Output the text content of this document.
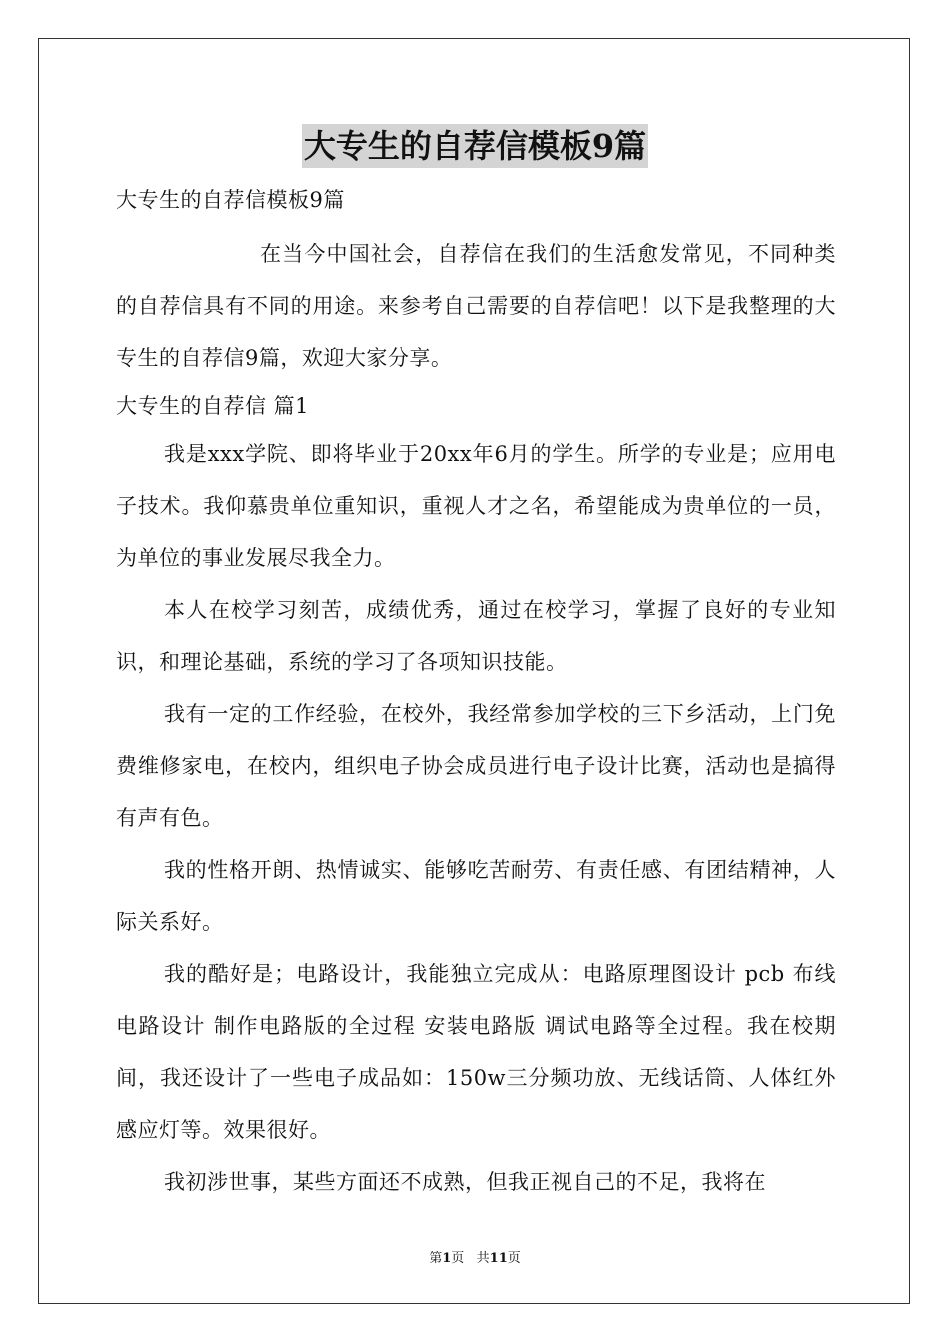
大专生的自荐信模板9篇

大专生的自荐信模板9篇

在当今中国社会，自荐信在我们的生活愈发常见，不同种类的自荐信具有不同的用途。来参考自己需要的自荐信吧！以下是我整理的大专生的自荐信9篇，欢迎大家分享。

大专生的自荐信 篇1

我是xxx学院、即将毕业于20xx年6月的学生。所学的专业是；应用电子技术。我仰慕贵单位重知识，重视人才之名，希望能成为贵单位的一员，为单位的事业发展尽我全力。

本人在校学习刻苦，成绩优秀，通过在校学习，掌握了良好的专业知识，和理论基础，系统的学习了各项知识技能。

我有一定的工作经验，在校外，我经常参加学校的三下乡活动，上门免费维修家电，在校内，组织电子协会成员进行电子设计比赛，活动也是搞得有声有色。

我的性格开朗、热情诚实、能够吃苦耐劳、有责任感、有团结精神，人际关系好。

我的酷好是；电路设计，我能独立完成从：电路原理图设计 pcb 布线电路设计 制作电路版的全过程 安装电路版 调试电路等全过程。我在校期间，我还设计了一些电子成品如：150w三分频功放、无线话筒、人体红外感应灯等。效果很好。

我初涉世事，某些方面还不成熟，但我正视自己的不足，我将在

第1页   共11页
